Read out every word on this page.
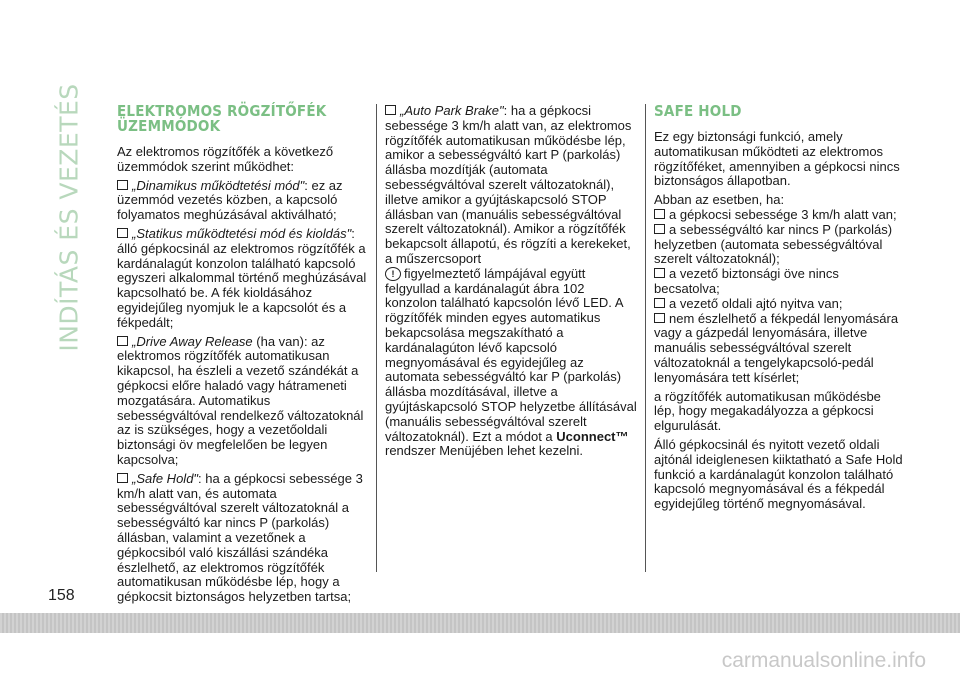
INDÍTÁS ÉS VEZETÉS ELEKTROMOS RÖGZÍTŐFÉK ÜZEMMÓDOK

Az elektromos rögzítőfék a következő üzemmódok szerint működhet:

„Dinamikus működtetési mód": ez az üzemmód vezetés közben, a kapcsoló folyamatos meghúzásával aktiválható;

„Statikus működtetési mód és kioldás": álló gépkocsinál az elektromos rögzítőfék a kardánalagút konzolon található kapcsoló egyszeri alkalommal történő meghúzásával kapcsolható be. A fék kioldásához egyidejűleg nyomjuk le a kapcsolót és a fékpedált;

„Drive Away Release (ha van): az elektromos rögzítőfék automatikusan kikapcsol, ha észleli a vezető szándékát a gépkocsi előre haladó vagy hátrameneti mozgatására. Automatikus sebességváltóval rendelkező változatoknál az is szükséges, hogy a vezetőoldali biztonsági öv megfelelően be legyen kapcsolva;

„Safe Hold": ha a gépkocsi sebessége 3 km/h alatt van, és automata sebességváltóval szerelt változatoknál a sebességváltó kar nincs P (parkolás) állásban, valamint a vezetőnek a gépkocsiból való kiszállási szándéka észlelhető, az elektromos rögzítőfék automatikusan működésbe lép, hogy a gépkocsit biztonságos helyzetben tartsa;

„Auto Park Brake": ha a gépkocsi sebessége 3 km/h alatt van, az elektromos rögzítőfék automatikusan működésbe lép, amikor a sebességváltó kart P (parkolás) állásba mozdítják (automata sebességváltóval szerelt változatoknál), illetve amikor a gyújtáskapcsoló STOP állásban van (manuális sebességváltóval szerelt változatoknál). Amikor a rögzítőfék bekapcsolt állapotú, és rögzíti a kerekeket, a műszercsoport
! figyelmeztető lámpájával együtt felgyullad a kardánalagút ábra 102 konzolon található kapcsolón lévő LED. A rögzítőfék minden egyes automatikus bekapcsolása megszakítható a kardánalagúton lévő kapcsoló megnyomásával és egyidejűleg az automata sebességváltó kar P (parkolás) állásba mozdításával, illetve a gyújtáskapcsoló STOP helyzetbe állításával (manuális sebességváltóval szerelt változatoknál). Ezt a módot a Uconnect™ rendszer Menüjében lehet kezelni.

SAFE HOLD

Ez egy biztonsági funkció, amely automatikusan működteti az elektromos rögzítőféket, amennyiben a gépkocsi nincs biztonságos állapotban.

Abban az esetben, ha:

a gépkocsi sebessége 3 km/h alatt van;

a sebességváltó kar nincs P (parkolás) helyzetben (automata sebességváltóval szerelt változatoknál);

a vezető biztonsági öve nincs becsatolva;

a vezető oldali ajtó nyitva van;

nem észlelhető a fékpedál lenyomására vagy a gázpedál lenyomására, illetve manuális sebességváltóval szerelt változatoknál a tengelykapcsoló-pedál lenyomására tett kísérlet;

a rögzítőfék automatikusan működésbe lép, hogy megakadályozza a gépkocsi elgurulását.

Álló gépkocsinál és nyitott vezető oldali ajtónál ideiglenesen kiiktatható a Safe Hold funkció a kardánalagút konzolon található kapcsoló megnyomásával és a fékpedál egyidejűleg történő megnyomásával.

158
carmanualsonline.info
